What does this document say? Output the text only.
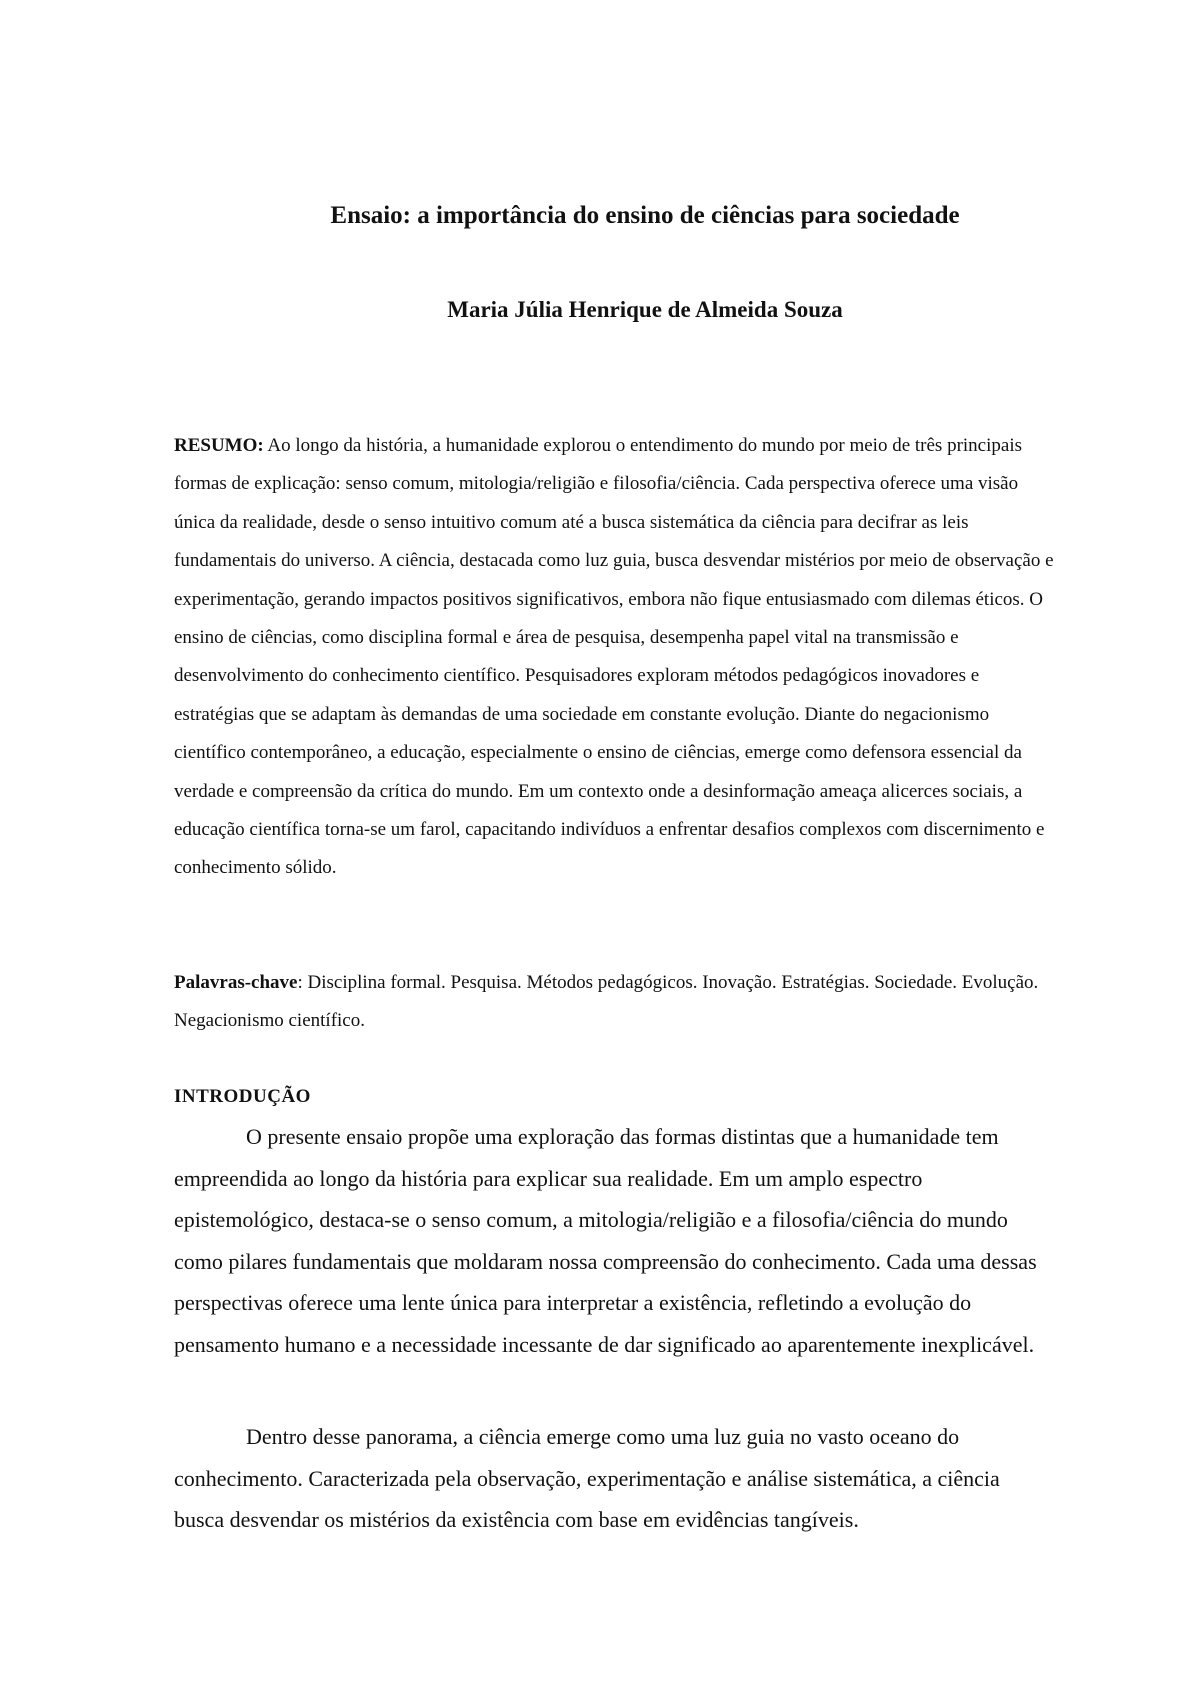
Ensaio: a importância do ensino de ciências para sociedade
Maria Júlia Henrique de Almeida Souza

RESUMO: Ao longo da história, a humanidade explorou o entendimento do mundo por meio de três principais formas de explicação: senso comum, mitologia/religião e filosofia/ciência. Cada perspectiva oferece uma visão única da realidade, desde o senso intuitivo comum até a busca sistemática da ciência para decifrar as leis fundamentais do universo. A ciência, destacada como luz guia, busca desvendar mistérios por meio de observação e experimentação, gerando impactos positivos significativos, embora não fique entusiasmado com dilemas éticos. O ensino de ciências, como disciplina formal e área de pesquisa, desempenha papel vital na transmissão e desenvolvimento do conhecimento científico. Pesquisadores exploram métodos pedagógicos inovadores e estratégias que se adaptam às demandas de uma sociedade em constante evolução. Diante do negacionismo científico contemporâneo, a educação, especialmente o ensino de ciências, emerge como defensora essencial da verdade e compreensão da crítica do mundo. Em um contexto onde a desinformação ameaça alicerces sociais, a educação científica torna-se um farol, capacitando indivíduos a enfrentar desafios complexos com discernimento e conhecimento sólido.

Palavras-chave: Disciplina formal. Pesquisa. Métodos pedagógicos. Inovação. Estratégias. Sociedade. Evolução. Negacionismo científico.

INTRODUÇÃO

O presente ensaio propõe uma exploração das formas distintas que a humanidade tem empreendida ao longo da história para explicar sua realidade. Em um amplo espectro epistemológico, destaca-se o senso comum, a mitologia/religião e a filosofia/ciência do mundo como pilares fundamentais que moldaram nossa compreensão do conhecimento. Cada uma dessas perspectivas oferece uma lente única para interpretar a existência, refletindo a evolução do pensamento humano e a necessidade incessante de dar significado ao aparentemente inexplicável.

Dentro desse panorama, a ciência emerge como uma luz guia no vasto oceano do conhecimento. Caracterizada pela observação, experimentação e análise sistemática, a ciência busca desvendar os mistérios da existência com base em evidências tangíveis.
